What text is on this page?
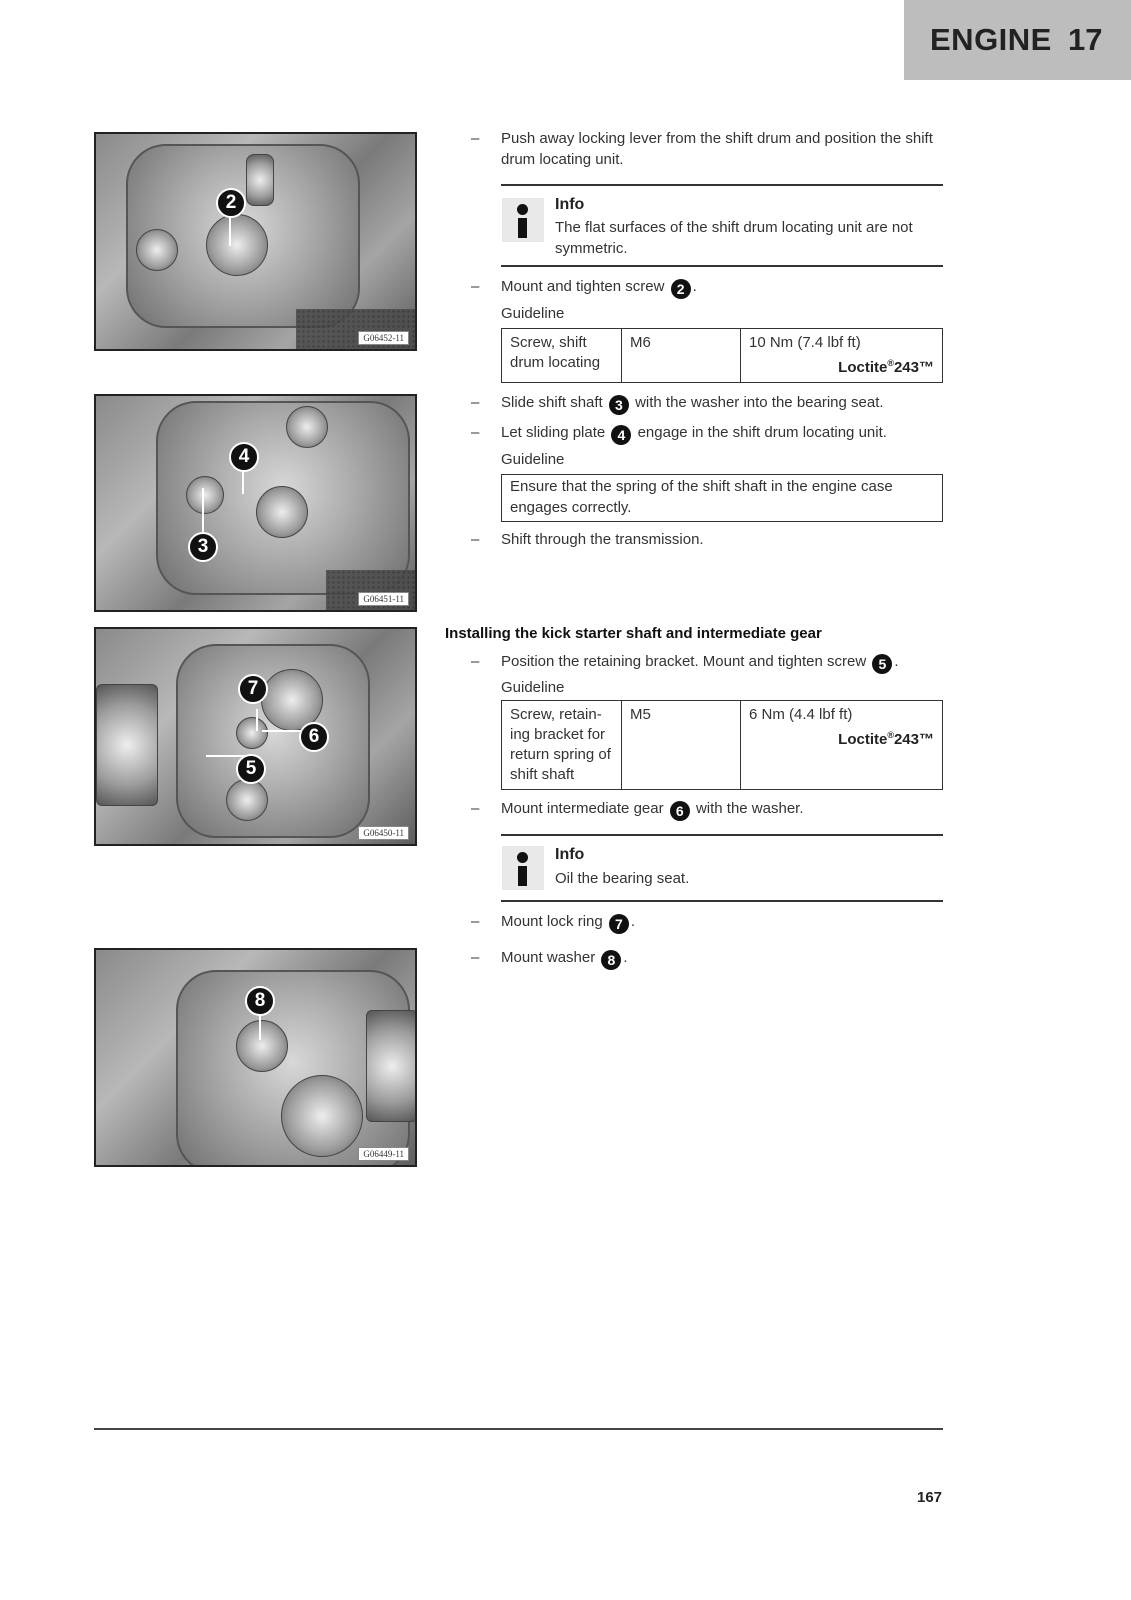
ENGINE 17
2
G06452-11
4
3
G06451-11
7
6
5
G06450-11
8
G06449-11
– Push away locking lever from the shift drum and position the shift drum locating unit.
Info
The flat surfaces of the shift drum locating unit are not symmetric.
– Mount and tighten screw 2 .
Guideline
Screw, shift drum locating	M6	10 Nm (7.4 lbf ft)
Loctite®243™
– Slide shift shaft 3 with the washer into the bearing seat.
– Let sliding plate 4 engage in the shift drum locating unit.
Guideline
Ensure that the spring of the shift shaft in the engine case engages correctly.
– Shift through the transmission.
Installing the kick starter shaft and intermediate gear
– Position the retaining bracket. Mount and tighten screw 5 .
Guideline
Screw, retain-ing bracket for return spring of shift shaft	M5	6 Nm (4.4 lbf ft)
Loctite®243™
– Mount intermediate gear 6 with the washer.
Info
Oil the bearing seat.
– Mount lock ring 7 .
– Mount washer 8 .
167
